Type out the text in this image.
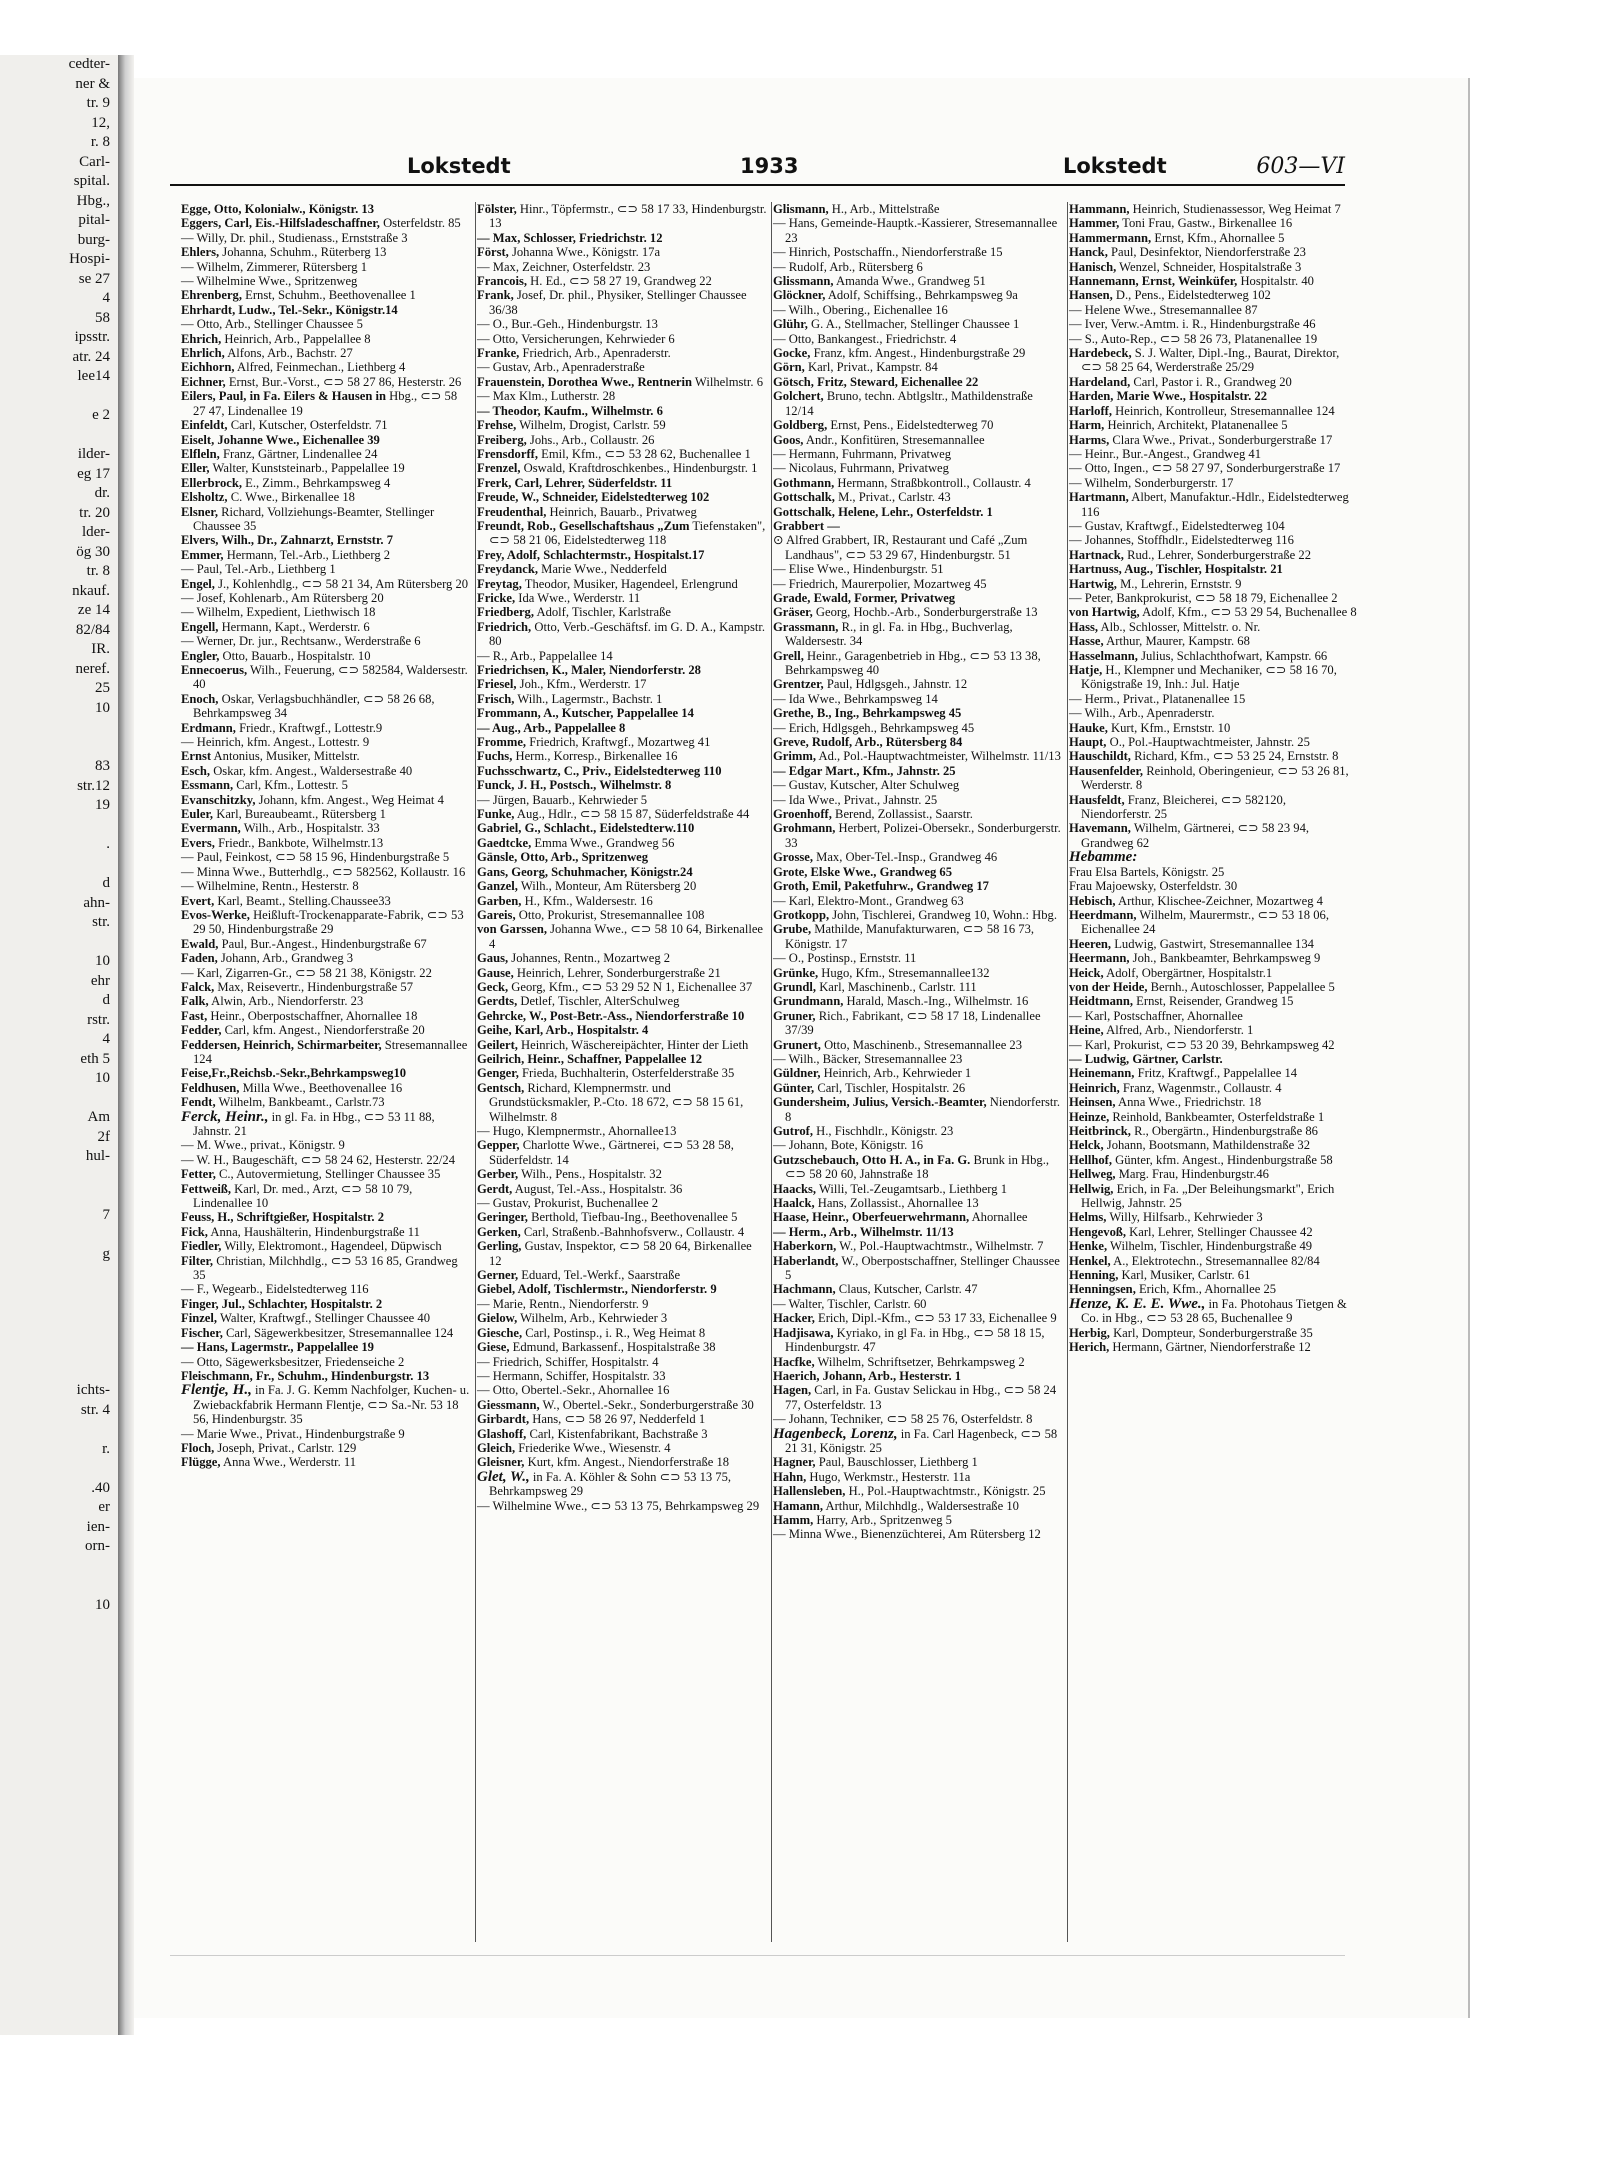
cedter-
ner &
tr. 9
12,
r. 8
Carl-
spital.
Hbg.,
pital-
burg-
Hospi-
se 27
4
58
ipsstr.
atr. 24
lee14

e 2

ilder-
eg 17
dr.
tr. 20
lder-
ög 30
tr. 8
nkauf.
ze 14
82/84
IR.
neref.
25
10

83
str.12
19

.

d
ahn-
str.

10
ehr
d
rstr.
4
eth 5
10

Am
2f
hul-

7

g

ichts-
str. 4

r.

.40
er
ien-
orn-

10

Lokstedt	1933	Lokstedt	603—VI

Egge, Otto, Kolonialw., Königstr. 13

Eggers, Carl, Eis.-Hilfsladeschaffner, Osterfeldstr. 85

— Willy, Dr. phil., Studienass., Ernststraße 3

Ehlers, Johanna, Schuhm., Rüterberg 13

— Wilhelm, Zimmerer, Rütersberg 1

— Wilhelmine Wwe., Spritzenweg

Ehrenberg, Ernst, Schuhm., Beethovenallee 1

Ehrhardt, Ludw., Tel.-Sekr., Königstr.14

— Otto, Arb., Stellinger Chaussee 5

Ehrich, Heinrich, Arb., Pappelallee 8

Ehrlich, Alfons, Arb., Bachstr. 27

Eichhorn, Alfred, Feinmechan., Liethberg 4

Eichner, Ernst, Bur.-Vorst., ⊂⊃ 58 27 86, Hesterstr. 26

Eilers, Paul, in Fa. Eilers & Hausen in Hbg., ⊂⊃ 58 27 47, Lindenallee 19

Einfeldt, Carl, Kutscher, Osterfeldstr. 71

Eiselt, Johanne Wwe., Eichenallee 39

Elfleln, Franz, Gärtner, Lindenallee 24

Eller, Walter, Kunststeinarb., Pappelallee 19

Ellerbrock, E., Zimm., Behrkampsweg 4

Elsholtz, C. Wwe., Birkenallee 18

Elsner, Richard, Vollziehungs-Beamter, Stellinger Chaussee 35

Elvers, Wilh., Dr., Zahnarzt, Ernststr. 7

Emmer, Hermann, Tel.-Arb., Liethberg 2

— Paul, Tel.-Arb., Liethberg 1

Engel, J., Kohlenhdlg., ⊂⊃ 58 21 34, Am Rütersberg 20

— Josef, Kohlenarb., Am Rütersberg 20

— Wilhelm, Expedient, Liethwisch 18

Engell, Hermann, Kapt., Werderstr. 6

— Werner, Dr. jur., Rechtsanw., Werderstraße 6

Engler, Otto, Bauarb., Hospitalstr. 10

Ennecoerus, Wilh., Feuerung, ⊂⊃ 582584, Waldersestr. 40

Enoch, Oskar, Verlagsbuchhändler, ⊂⊃ 58 26 68, Behrkampsweg 34

Erdmann, Friedr., Kraftwgf., Lottestr.9

— Heinrich, kfm. Angest., Lottestr. 9

Ernst Antonius, Musiker, Mittelstr.

Esch, Oskar, kfm. Angest., Waldersestraße 40

Essmann, Carl, Kfm., Lottestr. 5

Evanschitzky, Johann, kfm. Angest., Weg Heimat 4

Euler, Karl, Bureaubeamt., Rütersberg 1

Evermann, Wilh., Arb., Hospitalstr. 33

Evers, Friedr., Bankbote, Wilhelmstr.13

— Paul, Feinkost, ⊂⊃ 58 15 96, Hindenburgstraße 5

— Minna Wwe., Butterhdlg., ⊂⊃ 582562, Kollaustr. 16

— Wilhelmine, Rentn., Hesterstr. 8

Evert, Karl, Beamt., Stelling.Chaussee33

Evos-Werke, Heißluft-Trockenapparate-Fabrik, ⊂⊃ 53 29 50, Hindenburgstraße 29

Ewald, Paul, Bur.-Angest., Hindenburgstraße 67

Faden, Johann, Arb., Grandweg 3

— Karl, Zigarren-Gr., ⊂⊃ 58 21 38, Königstr. 22

Falck, Max, Reisevertr., Hindenburgstraße 57

Falk, Alwin, Arb., Niendorferstr. 23

Fast, Heinr., Oberpostschaffner, Ahornallee 18

Fedder, Carl, kfm. Angest., Niendorferstraße 20

Feddersen, Heinrich, Schirmarbeiter, Stresemannallee 124

Feise,Fr.,Reichsb.-Sekr.,Behrkampsweg10

Feldhusen, Milla Wwe., Beethovenallee 16

Fendt, Wilhelm, Bankbeamt., Carlstr.73

Ferck, Heinr., in gl. Fa. in Hbg., ⊂⊃ 53 11 88, Jahnstr. 21

— M. Wwe., privat., Königstr. 9

— W. H., Baugeschäft, ⊂⊃ 58 24 62, Hesterstr. 22/24

Fetter, C., Autovermietung, Stellinger Chaussee 35

Fettweiß, Karl, Dr. med., Arzt, ⊂⊃ 58 10 79, Lindenallee 10

Feuss, H., Schriftgießer, Hospitalstr. 2

Fick, Anna, Haushälterin, Hindenburgstraße 11

Fiedler, Willy, Elektromont., Hagendeel, Düpwisch

Filter, Christian, Milchhdlg., ⊂⊃ 53 16 85, Grandweg 35

— F., Wegearb., Eidelstedterweg 116

Finger, Jul., Schlachter, Hospitalstr. 2

Finzel, Walter, Kraftwgf., Stellinger Chaussee 40

Fischer, Carl, Sägewerkbesitzer, Stresemannallee 124

— Hans, Lagermstr., Pappelallee 19

— Otto, Sägewerksbesitzer, Friedenseiche 2

Fleischmann, Fr., Schuhm., Hindenburgstr. 13

Flentje, H., in Fa. J. G. Kemm Nachfolger, Kuchen- u. Zwiebackfabrik Hermann Flentje, ⊂⊃ Sa.-Nr. 53 18 56, Hindenburgstr. 35

— Marie Wwe., Privat., Hindenburgstraße 9

Floch, Joseph, Privat., Carlstr. 129

Flügge, Anna Wwe., Werderstr. 11

Fölster, Hinr., Töpfermstr., ⊂⊃ 58 17 33, Hindenburgstr. 13

— Max, Schlosser, Friedrichstr. 12

Först, Johanna Wwe., Königstr. 17a

— Max, Zeichner, Osterfeldstr. 23

Francois, H. Ed., ⊂⊃ 58 27 19, Grandweg 22

Frank, Josef, Dr. phil., Physiker, Stellinger Chaussee 36/38

— O., Bur.-Geh., Hindenburgstr. 13

— Otto, Versicherungen, Kehrwieder 6

Franke, Friedrich, Arb., Apenraderstr.

— Gustav, Arb., Apenraderstraße

Frauenstein, Dorothea Wwe., Rentnerin Wilhelmstr. 6

— Max Klm., Lutherstr. 28

— Theodor, Kaufm., Wilhelmstr. 6

Frehse, Wilhelm, Drogist, Carlstr. 59

Freiberg, Johs., Arb., Collaustr. 26

Frensdorff, Emil, Kfm., ⊂⊃ 53 28 62, Buchenallee 1

Frenzel, Oswald, Kraftdroschkenbes., Hindenburgstr. 1

Frerk, Carl, Lehrer, Süderfeldstr. 11

Freude, W., Schneider, Eidelstedterweg 102

Freudenthal, Heinrich, Bauarb., Privatweg

Freundt, Rob., Gesellschaftshaus „Zum Tiefenstaken", ⊂⊃ 58 21 06, Eidelstedterweg 118

Frey, Adolf, Schlachtermstr., Hospitalst.17

Freydanck, Marie Wwe., Nedderfeld

Freytag, Theodor, Musiker, Hagendeel, Erlengrund

Fricke, Ida Wwe., Werderstr. 11

Friedberg, Adolf, Tischler, Karlstraße

Friedrich, Otto, Verb.-Geschäftsf. im G. D. A., Kampstr. 80

— R., Arb., Pappelallee 14

Friedrichsen, K., Maler, Niendorferstr. 28

Friesel, Joh., Kfm., Werderstr. 17

Frisch, Wilh., Lagermstr., Bachstr. 1

Frommann, A., Kutscher, Pappelallee 14

— Aug., Arb., Pappelallee 8

Fromme, Friedrich, Kraftwgf., Mozartweg 41

Fuchs, Herm., Korresp., Birkenallee 16

Fuchsschwartz, C., Priv., Eidelstedterweg 110

Funck, J. H., Postsch., Wilhelmstr. 8

— Jürgen, Bauarb., Kehrwieder 5

Funke, Aug., Hdlr., ⊂⊃ 58 15 87, Süderfeldstraße 44

Gabriel, G., Schlacht., Eidelstedterw.110

Gaedtcke, Emma Wwe., Grandweg 56

Gänsle, Otto, Arb., Spritzenweg

Gans, Georg, Schuhmacher, Königstr.24

Ganzel, Wilh., Monteur, Am Rütersberg 20

Garben, H., Kfm., Waldersestr. 16

Gareis, Otto, Prokurist, Stresemannallee 108

von Garssen, Johanna Wwe., ⊂⊃ 58 10 64, Birkenallee 4

Gaus, Johannes, Rentn., Mozartweg 2

Gause, Heinrich, Lehrer, Sonderburgerstraße 21

Geck, Georg, Kfm., ⊂⊃ 53 29 52 N 1, Eichenallee 37

Gerdts, Detlef, Tischler, AlterSchulweg

Gehrcke, W., Post-Betr.-Ass., Niendorferstraße 10

Geihe, Karl, Arb., Hospitalstr. 4

Geilert, Heinrich, Wäschereipächter, Hinter der Lieth

Geilrich, Heinr., Schaffner, Pappelallee 12

Genger, Frieda, Buchhalterin, Osterfelderstraße 35

Gentsch, Richard, Klempnermstr. und Grundstücksmakler, P.-Cto. 18 672, ⊂⊃ 58 15 61, Wilhelmstr. 8

— Hugo, Klempnermstr., Ahornallee13

Gepper, Charlotte Wwe., Gärtnerei, ⊂⊃ 53 28 58, Süderfeldstr. 14

Gerber, Wilh., Pens., Hospitalstr. 32

Gerdt, August, Tel.-Ass., Hospitalstr. 36

— Gustav, Prokurist, Buchenallee 2

Geringer, Berthold, Tiefbau-Ing., Beethovenallee 5

Gerken, Carl, Straßenb.-Bahnhofsverw., Collaustr. 4

Gerling, Gustav, Inspektor, ⊂⊃ 58 20 64, Birkenallee 12

Gerner, Eduard, Tel.-Werkf., Saarstraße

Giebel, Adolf, Tischlermstr., Niendorferstr. 9

— Marie, Rentn., Niendorferstr. 9

Gielow, Wilhelm, Arb., Kehrwieder 3

Giesche, Carl, Postinsp., i. R., Weg Heimat 8

Giese, Edmund, Barkassenf., Hospitalstraße 38

— Friedrich, Schiffer, Hospitalstr. 4

— Hermann, Schiffer, Hospitalstr. 33

— Otto, Obertel.-Sekr., Ahornallee 16

Giessmann, W., Obertel.-Sekr., Sonderburgerstraße 30

Girbardt, Hans, ⊂⊃ 58 26 97, Nedderfeld 1

Glashoff, Carl, Kistenfabrikant, Bachstraße 3

Gleich, Friederike Wwe., Wiesenstr. 4

Gleisner, Kurt, kfm. Angest., Niendorferstraße 18

Glet, W., in Fa. A. Köhler & Sohn ⊂⊃ 53 13 75, Behrkampsweg 29

— Wilhelmine Wwe., ⊂⊃ 53 13 75, Behrkampsweg 29

Glismann, H., Arb., Mittelstraße

— Hans, Gemeinde-Hauptk.-Kassierer, Stresemannallee 23

— Hinrich, Postschaffn., Niendorferstraße 15

— Rudolf, Arb., Rütersberg 6

Glissmann, Amanda Wwe., Grandweg 51

Glöckner, Adolf, Schiffsing., Behrkampsweg 9a

— Wilh., Obering., Eichenallee 16

Glühr, G. A., Stellmacher, Stellinger Chaussee 1

— Otto, Bankangest., Friedrichstr. 4

Gocke, Franz, kfm. Angest., Hindenburgstraße 29

Görn, Karl, Privat., Kampstr. 84

Götsch, Fritz, Steward, Eichenallee 22

Golchert, Bruno, techn. Abtlgsltr., Mathildenstraße 12/14

Goldberg, Ernst, Pens., Eidelstedterweg 70

Goos, Andr., Konfitüren, Stresemannallee

— Hermann, Fuhrmann, Privatweg

— Nicolaus, Fuhrmann, Privatweg

Gothmann, Hermann, Straßbkontroll., Collaustr. 4

Gottschalk, M., Privat., Carlstr. 43

Gottschalk, Helene, Lehr., Osterfeldstr. 1

Grabbert —

⊙ Alfred Grabbert, IR, Restaurant und Café „Zum Landhaus", ⊂⊃ 53 29 67, Hindenburgstr. 51

— Elise Wwe., Hindenburgstr. 51

— Friedrich, Maurerpolier, Mozartweg 45

Grade, Ewald, Former, Privatweg

Gräser, Georg, Hochb.-Arb., Sonderburgerstraße 13

Grassmann, R., in gl. Fa. in Hbg., Buchverlag, Waldersestr. 34

Grell, Heinr., Garagenbetrieb in Hbg., ⊂⊃ 53 13 38, Behrkampsweg 40

Grentzer, Paul, Hdlgsgeh., Jahnstr. 12

— Ida Wwe., Behrkampsweg 14

Grethe, B., Ing., Behrkampsweg 45

— Erich, Hdlgsgeh., Behrkampsweg 45

Greve, Rudolf, Arb., Rütersberg 84

Grimm, Ad., Pol.-Hauptwachtmeister, Wilhelmstr. 11/13

— Edgar Mart., Kfm., Jahnstr. 25

— Gustav, Kutscher, Alter Schulweg

— Ida Wwe., Privat., Jahnstr. 25

Groenhoff, Berend, Zollassist., Saarstr.

Grohmann, Herbert, Polizei-Obersekr., Sonderburgerstr. 33

Grosse, Max, Ober-Tel.-Insp., Grandweg 46

Grote, Elske Wwe., Grandweg 65

Groth, Emil, Paketfuhrw., Grandweg 17

— Karl, Elektro-Mont., Grandweg 63

Grotkopp, John, Tischlerei, Grandweg 10, Wohn.: Hbg.

Grube, Mathilde, Manufakturwaren, ⊂⊃ 58 16 73, Königstr. 17

— O., Postinsp., Ernststr. 11

Grünke, Hugo, Kfm., Stresemannallee132

Grundl, Karl, Maschinenb., Carlstr. 111

Grundmann, Harald, Masch.-Ing., Wilhelmstr. 16

Gruner, Rich., Fabrikant, ⊂⊃ 58 17 18, Lindenallee 37/39

Grunert, Otto, Maschinenb., Stresemannallee 23

— Wilh., Bäcker, Stresemannallee 23

Güldner, Heinrich, Arb., Kehrwieder 1

Günter, Carl, Tischler, Hospitalstr. 26

Gundersheim, Julius, Versich.-Beamter, Niendorferstr. 8

Gutrof, H., Fischhdlr., Königstr. 23

— Johann, Bote, Königstr. 16

Gutzschebauch, Otto H. A., in Fa. G. Brunk in Hbg., ⊂⊃ 58 20 60, Jahnstraße 18

Haacks, Willi, Tel.-Zeugamtsarb., Liethberg 1

Haalck, Hans, Zollassist., Ahornallee 13

Haase, Heinr., Oberfeuerwehrmann, Ahornallee

— Herm., Arb., Wilhelmstr. 11/13

Haberkorn, W., Pol.-Hauptwachtmstr., Wilhelmstr. 7

Haberlandt, W., Oberpostschaffner, Stellinger Chaussee 5

Hachmann, Claus, Kutscher, Carlstr. 47

— Walter, Tischler, Carlstr. 60

Hacker, Erich, Dipl.-Kfm., ⊂⊃ 53 17 33, Eichenallee 9

Hadjisawa, Kyriako, in gl Fa. in Hbg., ⊂⊃ 58 18 15, Hindenburgstr. 47

Hacfke, Wilhelm, Schriftsetzer, Behrkampsweg 2

Haerich, Johann, Arb., Hesterstr. 1

Hagen, Carl, in Fa. Gustav Selickau in Hbg., ⊂⊃ 58 24 77, Osterfeldstr. 13

— Johann, Techniker, ⊂⊃ 58 25 76, Osterfeldstr. 8

Hagenbeck, Lorenz, in Fa. Carl Hagenbeck, ⊂⊃ 58 21 31, Königstr. 25

Hagner, Paul, Bauschlosser, Liethberg 1

Hahn, Hugo, Werkmstr., Hesterstr. 11a

Hallensleben, H., Pol.-Hauptwachtmstr., Königstr. 25

Hamann, Arthur, Milchhdlg., Waldersestraße 10

Hamm, Harry, Arb., Spritzenweg 5

— Minna Wwe., Bienenzüchterei, Am Rütersberg 12

Hammann, Heinrich, Studienassessor, Weg Heimat 7

Hammer, Toni Frau, Gastw., Birkenallee 16

Hammermann, Ernst, Kfm., Ahornallee 5

Hanck, Paul, Desinfektor, Niendorferstraße 23

Hanisch, Wenzel, Schneider, Hospitalstraße 3

Hannemann, Ernst, Weinküfer, Hospitalstr. 40

Hansen, D., Pens., Eidelstedterweg 102

— Helene Wwe., Stresemannallee 87

— Iver, Verw.-Amtm. i. R., Hindenburgstraße 46

— S., Auto-Rep., ⊂⊃ 58 26 73, Platanenallee 19

Hardebeck, S. J. Walter, Dipl.-Ing., Baurat, Direktor, ⊂⊃ 58 25 64, Werderstraße 25/29

Hardeland, Carl, Pastor i. R., Grandweg 20

Harden, Marie Wwe., Hospitalstr. 22

Harloff, Heinrich, Kontrolleur, Stresemannallee 124

Harm, Heinrich, Architekt, Platanenallee 5

Harms, Clara Wwe., Privat., Sonderburgerstraße 17

— Heinr., Bur.-Angest., Grandweg 41

— Otto, Ingen., ⊂⊃ 58 27 97, Sonderburgerstraße 17

— Wilhelm, Sonderburgerstr. 17

Hartmann, Albert, Manufaktur.-Hdlr., Eidelstedterweg 116

— Gustav, Kraftwgf., Eidelstedterweg 104

— Johannes, Stoffhdlr., Eidelstedterweg 116

Hartnack, Rud., Lehrer, Sonderburgerstraße 22

Hartnuss, Aug., Tischler, Hospitalstr. 21

Hartwig, M., Lehrerin, Ernststr. 9

— Peter, Bankprokurist, ⊂⊃ 58 18 79, Eichenallee 2

von Hartwig, Adolf, Kfm., ⊂⊃ 53 29 54, Buchenallee 8

Hass, Alb., Schlosser, Mittelstr. o. Nr.

Hasse, Arthur, Maurer, Kampstr. 68

Hasselmann, Julius, Schlachthofwart, Kampstr. 66

Hatje, H., Klempner und Mechaniker, ⊂⊃ 58 16 70, Königstraße 19, Inh.: Jul. Hatje

— Herm., Privat., Platanenallee 15

— Wilh., Arb., Apenraderstr.

Hauke, Kurt, Kfm., Ernststr. 10

Haupt, O., Pol.-Hauptwachtmeister, Jahnstr. 25

Hauschildt, Richard, Kfm., ⊂⊃ 53 25 24, Ernststr. 8

Hausenfelder, Reinhold, Oberingenieur, ⊂⊃ 53 26 81, Werderstr. 8

Hausfeldt, Franz, Bleicherei, ⊂⊃ 582120, Niendorferstr. 25

Havemann, Wilhelm, Gärtnerei, ⊂⊃ 58 23 94, Grandweg 62

Hebamme:

Frau Elsa Bartels, Königstr. 25

Frau Majoewsky, Osterfeldstr. 30

Hebisch, Arthur, Klischee-Zeichner, Mozartweg 4

Heerdmann, Wilhelm, Maurermstr., ⊂⊃ 53 18 06, Eichenallee 24

Heeren, Ludwig, Gastwirt, Stresemannallee 134

Heermann, Joh., Bankbeamter, Behrkampsweg 9

Heick, Adolf, Obergärtner, Hospitalstr.1

von der Heide, Bernh., Autoschlosser, Pappelallee 5

Heidtmann, Ernst, Reisender, Grandweg 15

— Karl, Postschaffner, Ahornallee

Heine, Alfred, Arb., Niendorferstr. 1

— Karl, Prokurist, ⊂⊃ 53 20 39, Behrkampsweg 42

— Ludwig, Gärtner, Carlstr.

Heinemann, Fritz, Kraftwgf., Pappelallee 14

Heinrich, Franz, Wagenmstr., Collaustr. 4

Heinsen, Anna Wwe., Friedrichstr. 18

Heinze, Reinhold, Bankbeamter, Osterfeldstraße 1

Heitbrinck, R., Obergärtn., Hindenburgstraße 86

Helck, Johann, Bootsmann, Mathildenstraße 32

Hellhof, Günter, kfm. Angest., Hindenburgstraße 58

Hellweg, Marg. Frau, Hindenburgstr.46

Hellwig, Erich, in Fa. „Der Beleihungsmarkt", Erich Hellwig, Jahnstr. 25

Helms, Willy, Hilfsarb., Kehrwieder 3

Hengevoß, Karl, Lehrer, Stellinger Chaussee 42

Henke, Wilhelm, Tischler, Hindenburgstraße 49

Henkel, A., Elektrotechn., Stresemannallee 82/84

Henning, Karl, Musiker, Carlstr. 61

Henningsen, Erich, Kfm., Ahornallee 25

Henze, K. E. E. Wwe., in Fa. Photohaus Tietgen & Co. in Hbg., ⊂⊃ 53 28 65, Buchenallee 9

Herbig, Karl, Dompteur, Sonderburgerstraße 35

Herich, Hermann, Gärtner, Niendorferstraße 12
